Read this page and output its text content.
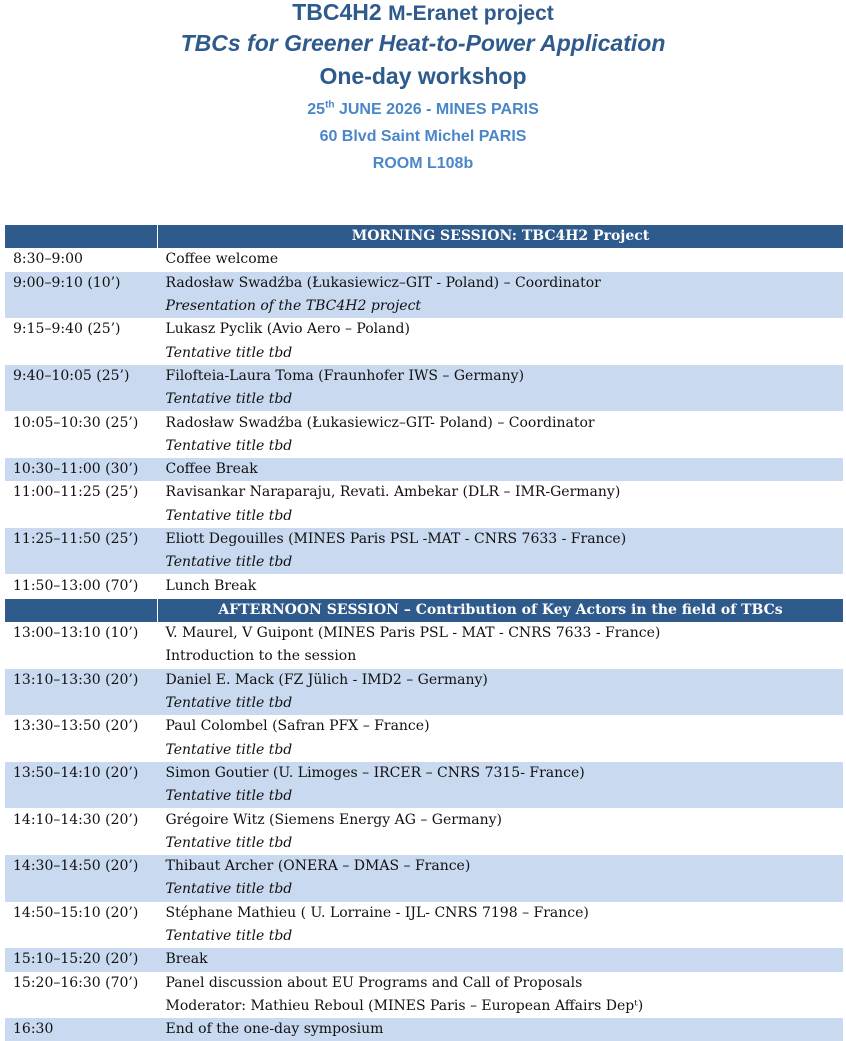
TBC4H2 M-Eranet project
TBCs for Greener Heat-to-Power Application
One-day workshop
25th JUNE 2026 - MINES PARIS
60 Blvd Saint Michel PARIS
ROOM L108b
	MORNING SESSION: TBC4H2 Project
8:30–9:00	Coffee welcome
9:00–9:10 (10’)	Radosław Swadźba (Łukasiewicz–GIT - Poland) – Coordinator
	Presentation of the TBC4H2 project
9:15–9:40 (25’)	Lukasz Pyclik (Avio Aero – Poland)
	Tentative title tbd
9:40–10:05 (25’)	Filofteia-Laura Toma (Fraunhofer IWS – Germany)
	Tentative title tbd
10:05–10:30 (25’)	Radosław Swadźba (Łukasiewicz–GIT- Poland) – Coordinator
	Tentative title tbd
10:30–11:00 (30’)	Coffee Break
11:00–11:25 (25’)	Ravisankar Naraparaju, Revati. Ambekar (DLR – IMR-Germany)
	Tentative title tbd
11:25–11:50 (25’)	Eliott Degouilles (MINES Paris PSL -MAT - CNRS 7633 - France)
	Tentative title tbd
11:50–13:00 (70’)	Lunch Break
	AFTERNOON SESSION – Contribution of Key Actors in the field of TBCs
13:00–13:10 (10’)	V. Maurel, V Guipont (MINES Paris PSL - MAT - CNRS 7633 - France)
	Introduction to the session
13:10–13:30 (20’)	Daniel E. Mack (FZ Jülich - IMD2 – Germany)
	Tentative title tbd
13:30–13:50 (20’)	Paul Colombel (Safran PFX – France)
	Tentative title tbd
13:50–14:10 (20’)	Simon Goutier (U. Limoges – IRCER – CNRS 7315- France)
	Tentative title tbd
14:10–14:30 (20’)	Grégoire Witz (Siemens Energy AG – Germany)
	Tentative title tbd
14:30–14:50 (20’)	Thibaut Archer (ONERA – DMAS – France)
	Tentative title tbd
14:50–15:10 (20’)	Stéphane Mathieu ( U. Lorraine - IJL- CNRS 7198 – France)
	Tentative title tbd
15:10–15:20 (20’)	Break
15:20–16:30 (70’)	Panel discussion about EU Programs and Call of Proposals
	Moderator: Mathieu Reboul (MINES Paris – European Affairs Depᵗ)
16:30	End of the one-day symposium
